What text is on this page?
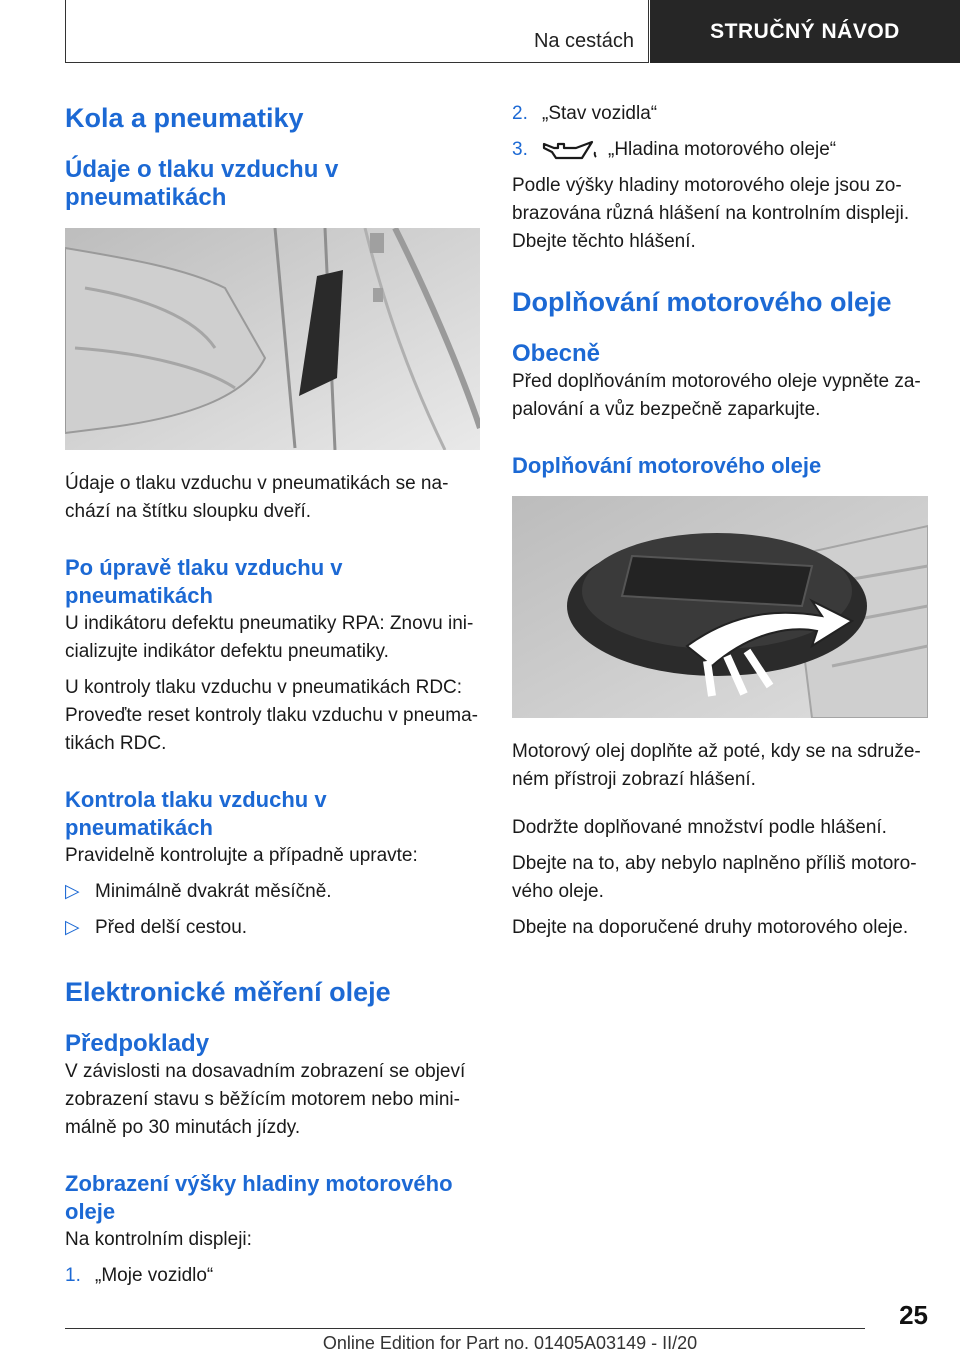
Na cestách	STRUČNÝ NÁVOD
Kola a pneumatiky
Údaje o tlaku vzduchu v pneumatikách

Údaje o tlaku vzduchu v pneumatikách se nachází na štítku sloupku dveří.

Po úpravě tlaku vzduchu v pneumatikách

U indikátoru defektu pneumatiky RPA: Znovu inicializujte indikátor defektu pneumatiky.

U kontroly tlaku vzduchu v pneumatikách RDC: Proveďte reset kontroly tlaku vzduchu v pneumatikách RDC.

Kontrola tlaku vzduchu v pneumatikách

Pravidelně kontrolujte a případně upravte:

▷ Minimálně dvakrát měsíčně.
▷ Před delší cestou.
Elektronické měření oleje
Předpoklady

V závislosti na dosavadním zobrazení se objeví zobrazení stavu s běžícím motorem nebo minimálně po 30 minutách jízdy.

Zobrazení výšky hladiny motorového oleje

Na kontrolním displeji:

1. „Moje vozidlo“
2. „Stav vozidla“
3.	„Hladina motorového oleje“

Podle výšky hladiny motorového oleje jsou zobrazována různá hlášení na kontrolním displeji. Dbejte těchto hlášení.

Doplňování motorového oleje
Obecně

Před doplňováním motorového oleje vypněte zapalování a vůz bezpečně zaparkujte.

Doplňování motorového oleje

Motorový olej doplňte až poté, kdy se na sdruženém přístroji zobrazí hlášení.

Dodržte doplňované množství podle hlášení.

Dbejte na to, aby nebylo naplněno příliš motorového oleje.

Dbejte na doporučené druhy motorového oleje.

25
Online Edition for Part no. 01405A03149 - II/20
